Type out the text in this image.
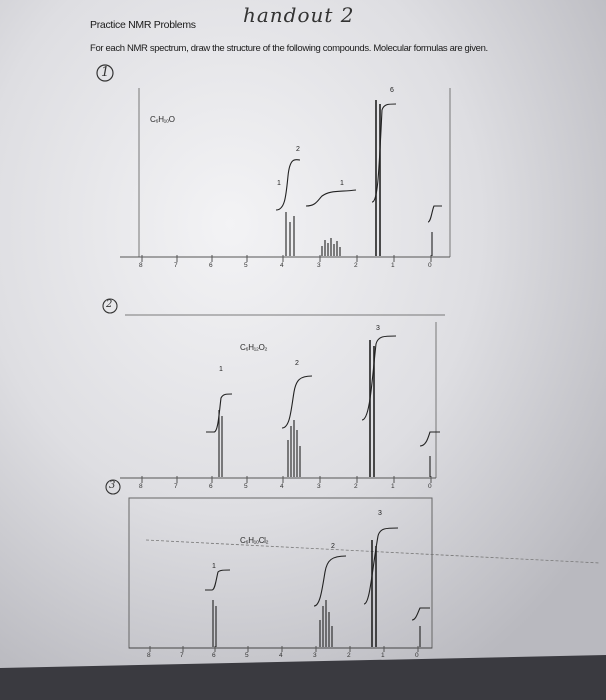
Practice NMR Problems handout 2
For each NMR spectrum, draw the structure of the following compounds. Molecular formulas are given.
1
2
3
C₆H₁₀O
C₆H₁₂O₂
C₆H₁₀Cl₂
1
2
1
6
1
2
3
1
2
3
8	7	6	5	4	3	2	1	0
8	7	6	5	4	3	2	1	0
8	7	6	5	4	3	2	1	0
